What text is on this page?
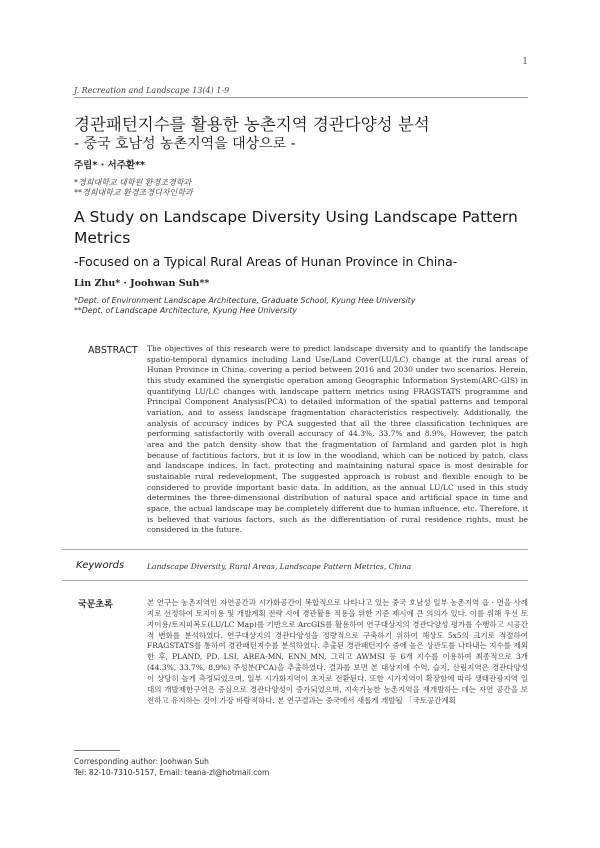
1
J. Recreation and Landscape 13(4) 1-9
경관패턴지수를 활용한 농촌지역 경관다양성 분석
- 중국 호남성 농촌지역을 대상으로 -
주림* · 서주환**
*경희대학교 대학원 환경조경학과
**경희대학교 환경조경디자인학과
A Study on Landscape Diversity Using Landscape Pattern Metrics
-Focused on a Typical Rural Areas of Hunan Province in China-
Lin Zhu* · Joohwan Suh**
*Dept. of Environment Landscape Architecture, Graduate School, Kyung Hee University
**Dept. of Landscape Architecture, Kyung Hee University
ABSTRACT The objectives of this research were to predict landscape diversity and to quantify the landscape spatio-temporal dynamics including Land Use/Land Cover(LU/LC) change at the rural areas of Hunan Province in China, covering a period between 2016 and 2030 under two scenarios. Herein, this study examined the synergistic operation among Geographic Information System(ARC-GIS) in quantifying LU/LC changes with landscape pattern metrics using FRAGSTATS programme and Principal Component Analysis(PCA) to detailed information of the spatial patterns and temporal variation, and to assess landscape fragmentation characteristics respectively. Additionally, the analysis of accuracy indices by PCA suggested that all the three classification techniques are performing satisfactorily with overall accuracy of 44.3%, 33.7% and 8.9%, However, the patch area and the patch density show that the fragmentation of farmland and garden plot is high because of factitious factors, but it is low in the woodland, which can be noticed by patch, class and landscape indices. In fact, protecting and maintaining natural space is most desirable for sustainable rural redevelopment, The suggested approach is robust and flexible enough to be considered to provide important basic data. In addition, as the annual LU/LC used in this study determines the three-dimensional distribution of natural space and artificial space in time and space, the actual landscape may be completely different due to human influence, etc. Therefore, it is believed that various factors, such as the differentiation of rural residence rights, must be considered in the future.
Keywords	Landscape Diversity, Rural Areas, Landscape Pattern Metrics, China
국문초록	본 연구는 농촌지역인 자연공간과 시가화공간이 복합적으로 나타나고 있는 중국 호남성 일부 농촌지역 읍 · 면을 사례지로 선정하여 토지이용 및 개발계획 전략 시에 경관활용 적용을 위한 기준 제시에 큰 의의가 있다. 이를 위해 우선 토지이용/토지피복도(LU/LC Map)를 기반으로 ArcGIS를 활용하여 연구대상지의 경관다양성 평가를 수행하고 시공간적 변화를 분석하였다. 연구대상지의 경관다양성을 정량적으로 구축하기 위하여 해상도 5x5의 크기로 적절하여 FRAGSTATS를 통하여 경관패턴지수를 분석하였다. 추출된 경관패턴지수 중에 높은 상관도를 나타내는 지수를 제외한 후, PLAND, PD, LSI, AREA-MN, ENN_MN, 그리고 AWMSI 등 6개 지수를 이용하여 최종적으로 3개(44.3%, 33.7%, 8.9%) 주성분(PCA)을 추출하였다. 결과를 보면 본 대상지에 수역, 습지, 산림지역은 경관다양성이 상당히 높게 측정되었으며, 일부 시가화지역이 초지로 전환된다. 또한 시가지역이 확장함에 따라 생태관광지역 일대의 개발제한구역은 증심으로 경관다양성이 증가되었으며, 지속가능한 농촌지역을 재개발하는 데는 자연 공간을 보전하고 유지하는 것이 가장 바람직하다. 본 연구결과는 중국에서 새롭게 개발될 「국토공간계획
Corresponding author: Joohwan Suh
Tel: 82-10-7310-5157, Email: teana-zl@hotmail.com
